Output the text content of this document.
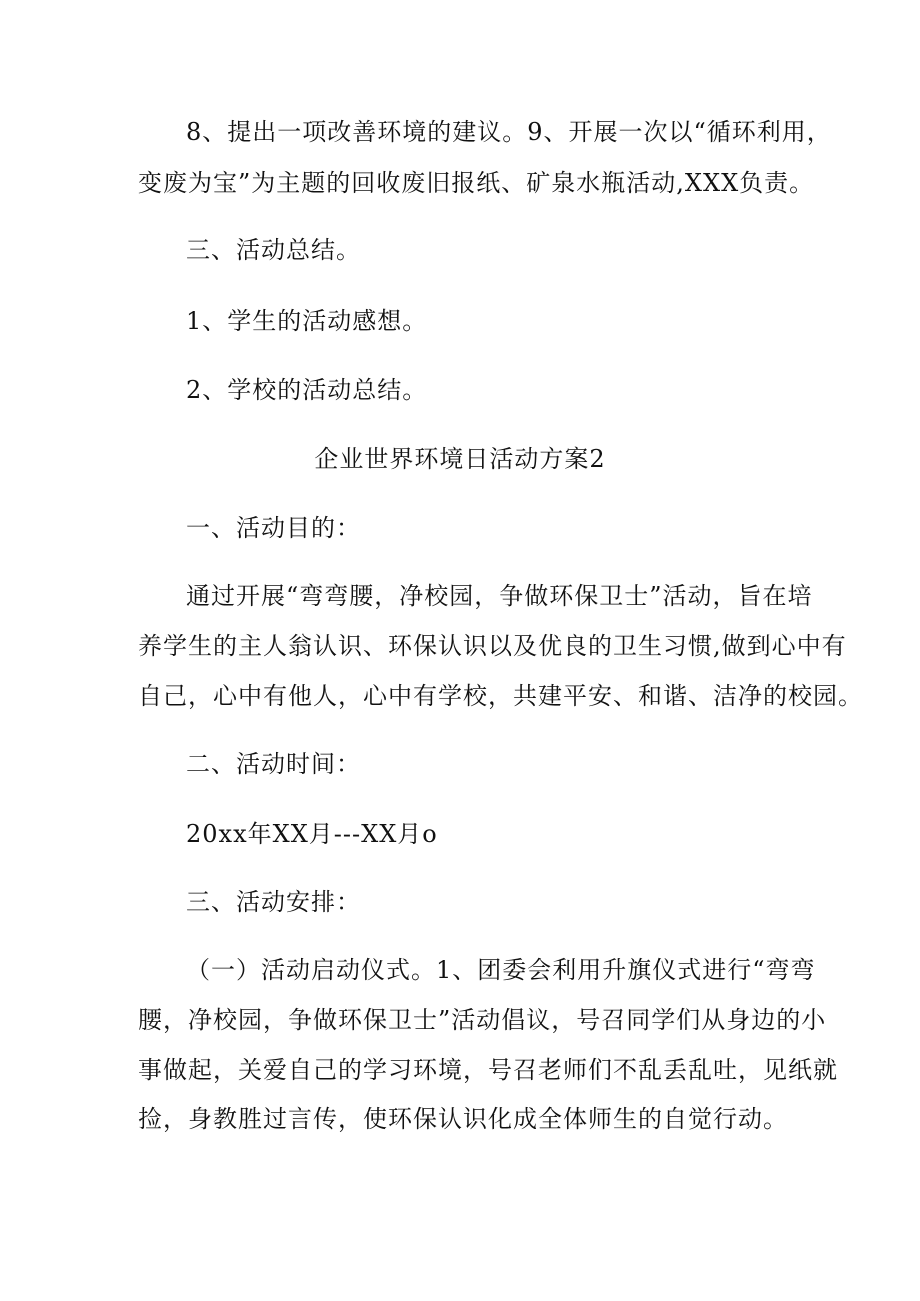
8、提出一项改善环境的建议。9、开展一次以“循环利用，
变废为宝”为主题的回收废旧报纸、矿泉水瓶活动,XXX负责。
三、活动总结。
1、学生的活动感想。
2、学校的活动总结。
企业世界环境日活动方案2
一、活动目的：
通过开展“弯弯腰，净校园，争做环保卫士”活动，旨在培
养学生的主人翁认识、环保认识以及优良的卫生习惯,做到心中有
自己，心中有他人，心中有学校，共建平安、和谐、洁净的校园。
二、活动时间：
20xx年XX月---XX月o
三、活动安排：
（一）活动启动仪式。1、团委会利用升旗仪式进行“弯弯
腰，净校园，争做环保卫士”活动倡议，号召同学们从身边的小
事做起，关爱自己的学习环境，号召老师们不乱丢乱吐，见纸就
捡，身教胜过言传，使环保认识化成全体师生的自觉行动。
